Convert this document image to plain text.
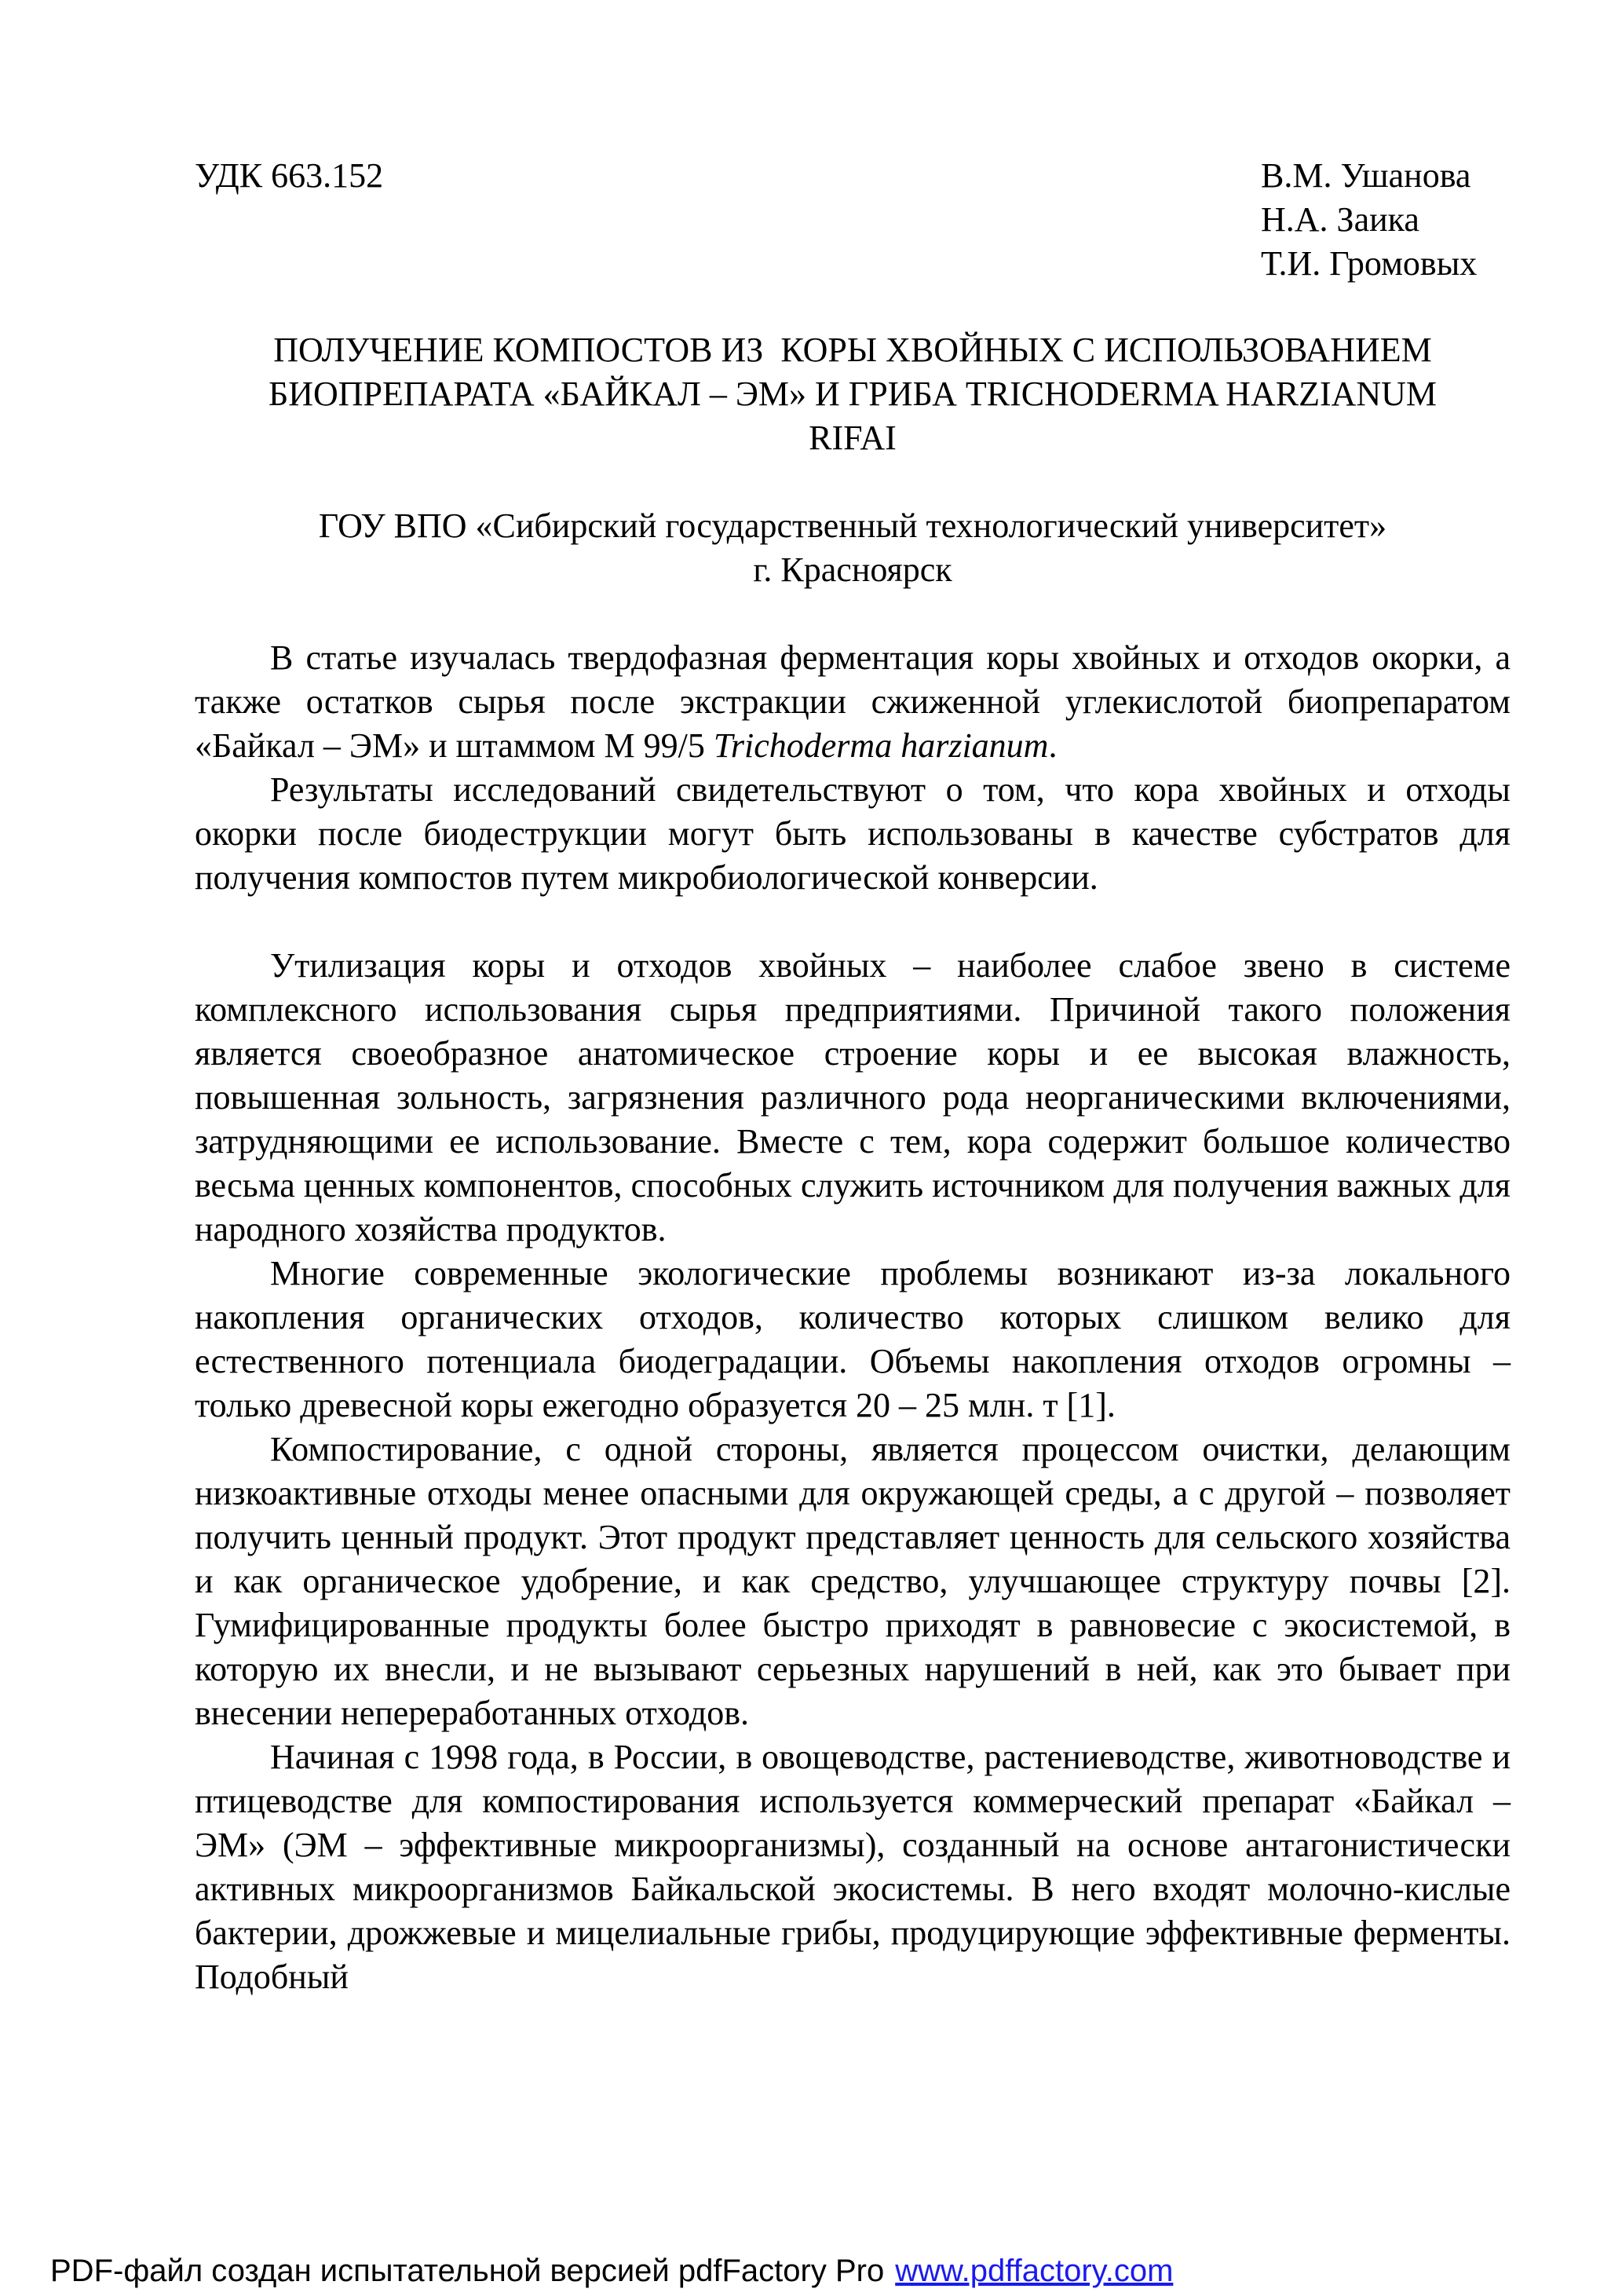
УДК 663.152	В.М. Ушанова
Н.А. Заика
Т.И. Громовых
ПОЛУЧЕНИЕ КОМПОСТОВ ИЗ  КОРЫ ХВОЙНЫХ С ИСПОЛЬЗОВАНИЕМ
БИОПРЕПАРАТА «БАЙКАЛ – ЭМ» И ГРИБА TRICHODERMA HARZIANUM
RIFAI
ГОУ ВПО «Сибирский государственный технологический университет»
г. Красноярск

В статье изучалась твердофазная ферментация коры хвойных и отходов окорки, а также остатков сырья после экстракции сжиженной углекислотой биопрепаратом «Байкал – ЭМ» и штаммом М 99/5 Trichoderma harzianum.

Результаты исследований свидетельствуют о том, что кора хвойных и отходы окорки после биодеструкции могут быть использованы в качестве субстратов для получения компостов путем микробиологической конверсии.

Утилизация коры и отходов хвойных – наиболее слабое звено в системе комплексного использования сырья предприятиями. Причиной такого положения является своеобразное анатомическое строение коры и ее высокая влажность, повышенная зольность, загрязнения различного рода неорганическими включениями, затрудняющими ее использование. Вместе с тем, кора содержит большое количество весьма ценных компонентов, способных служить источником для получения важных для народного хозяйства продуктов.

Многие современные экологические проблемы возникают из-за локального накопления органических отходов, количество которых слишком велико для естественного потенциала биодеградации. Объемы накопления отходов огромны – только древесной коры ежегодно образуется 20 – 25 млн. т [1].

Компостирование, с одной стороны, является процессом очистки, делающим низкоактивные отходы менее опасными для окружающей среды, а с другой – позволяет получить ценный продукт. Этот продукт представляет ценность для сельского хозяйства и как органическое удобрение, и как средство, улучшающее структуру почвы [2]. Гумифицированные продукты более быстро приходят в равновесие с экосистемой, в которую их внесли, и не вызывают серьезных нарушений в ней, как это бывает при внесении непереработанных отходов.

Начиная с 1998 года, в России, в овощеводстве, растениеводстве, животноводстве и птицеводстве для компостирования используется коммерческий препарат «Байкал – ЭМ» (ЭМ – эффективные микроорганизмы), созданный на основе антагонистически активных микроорганизмов Байкальской экосистемы. В него входят молочно-кислые бактерии, дрожжевые и мицелиальные грибы, продуцирующие эффективные ферменты. Подобный

PDF-файл создан испытательной версией pdfFactory Pro www.pdffactory.com
